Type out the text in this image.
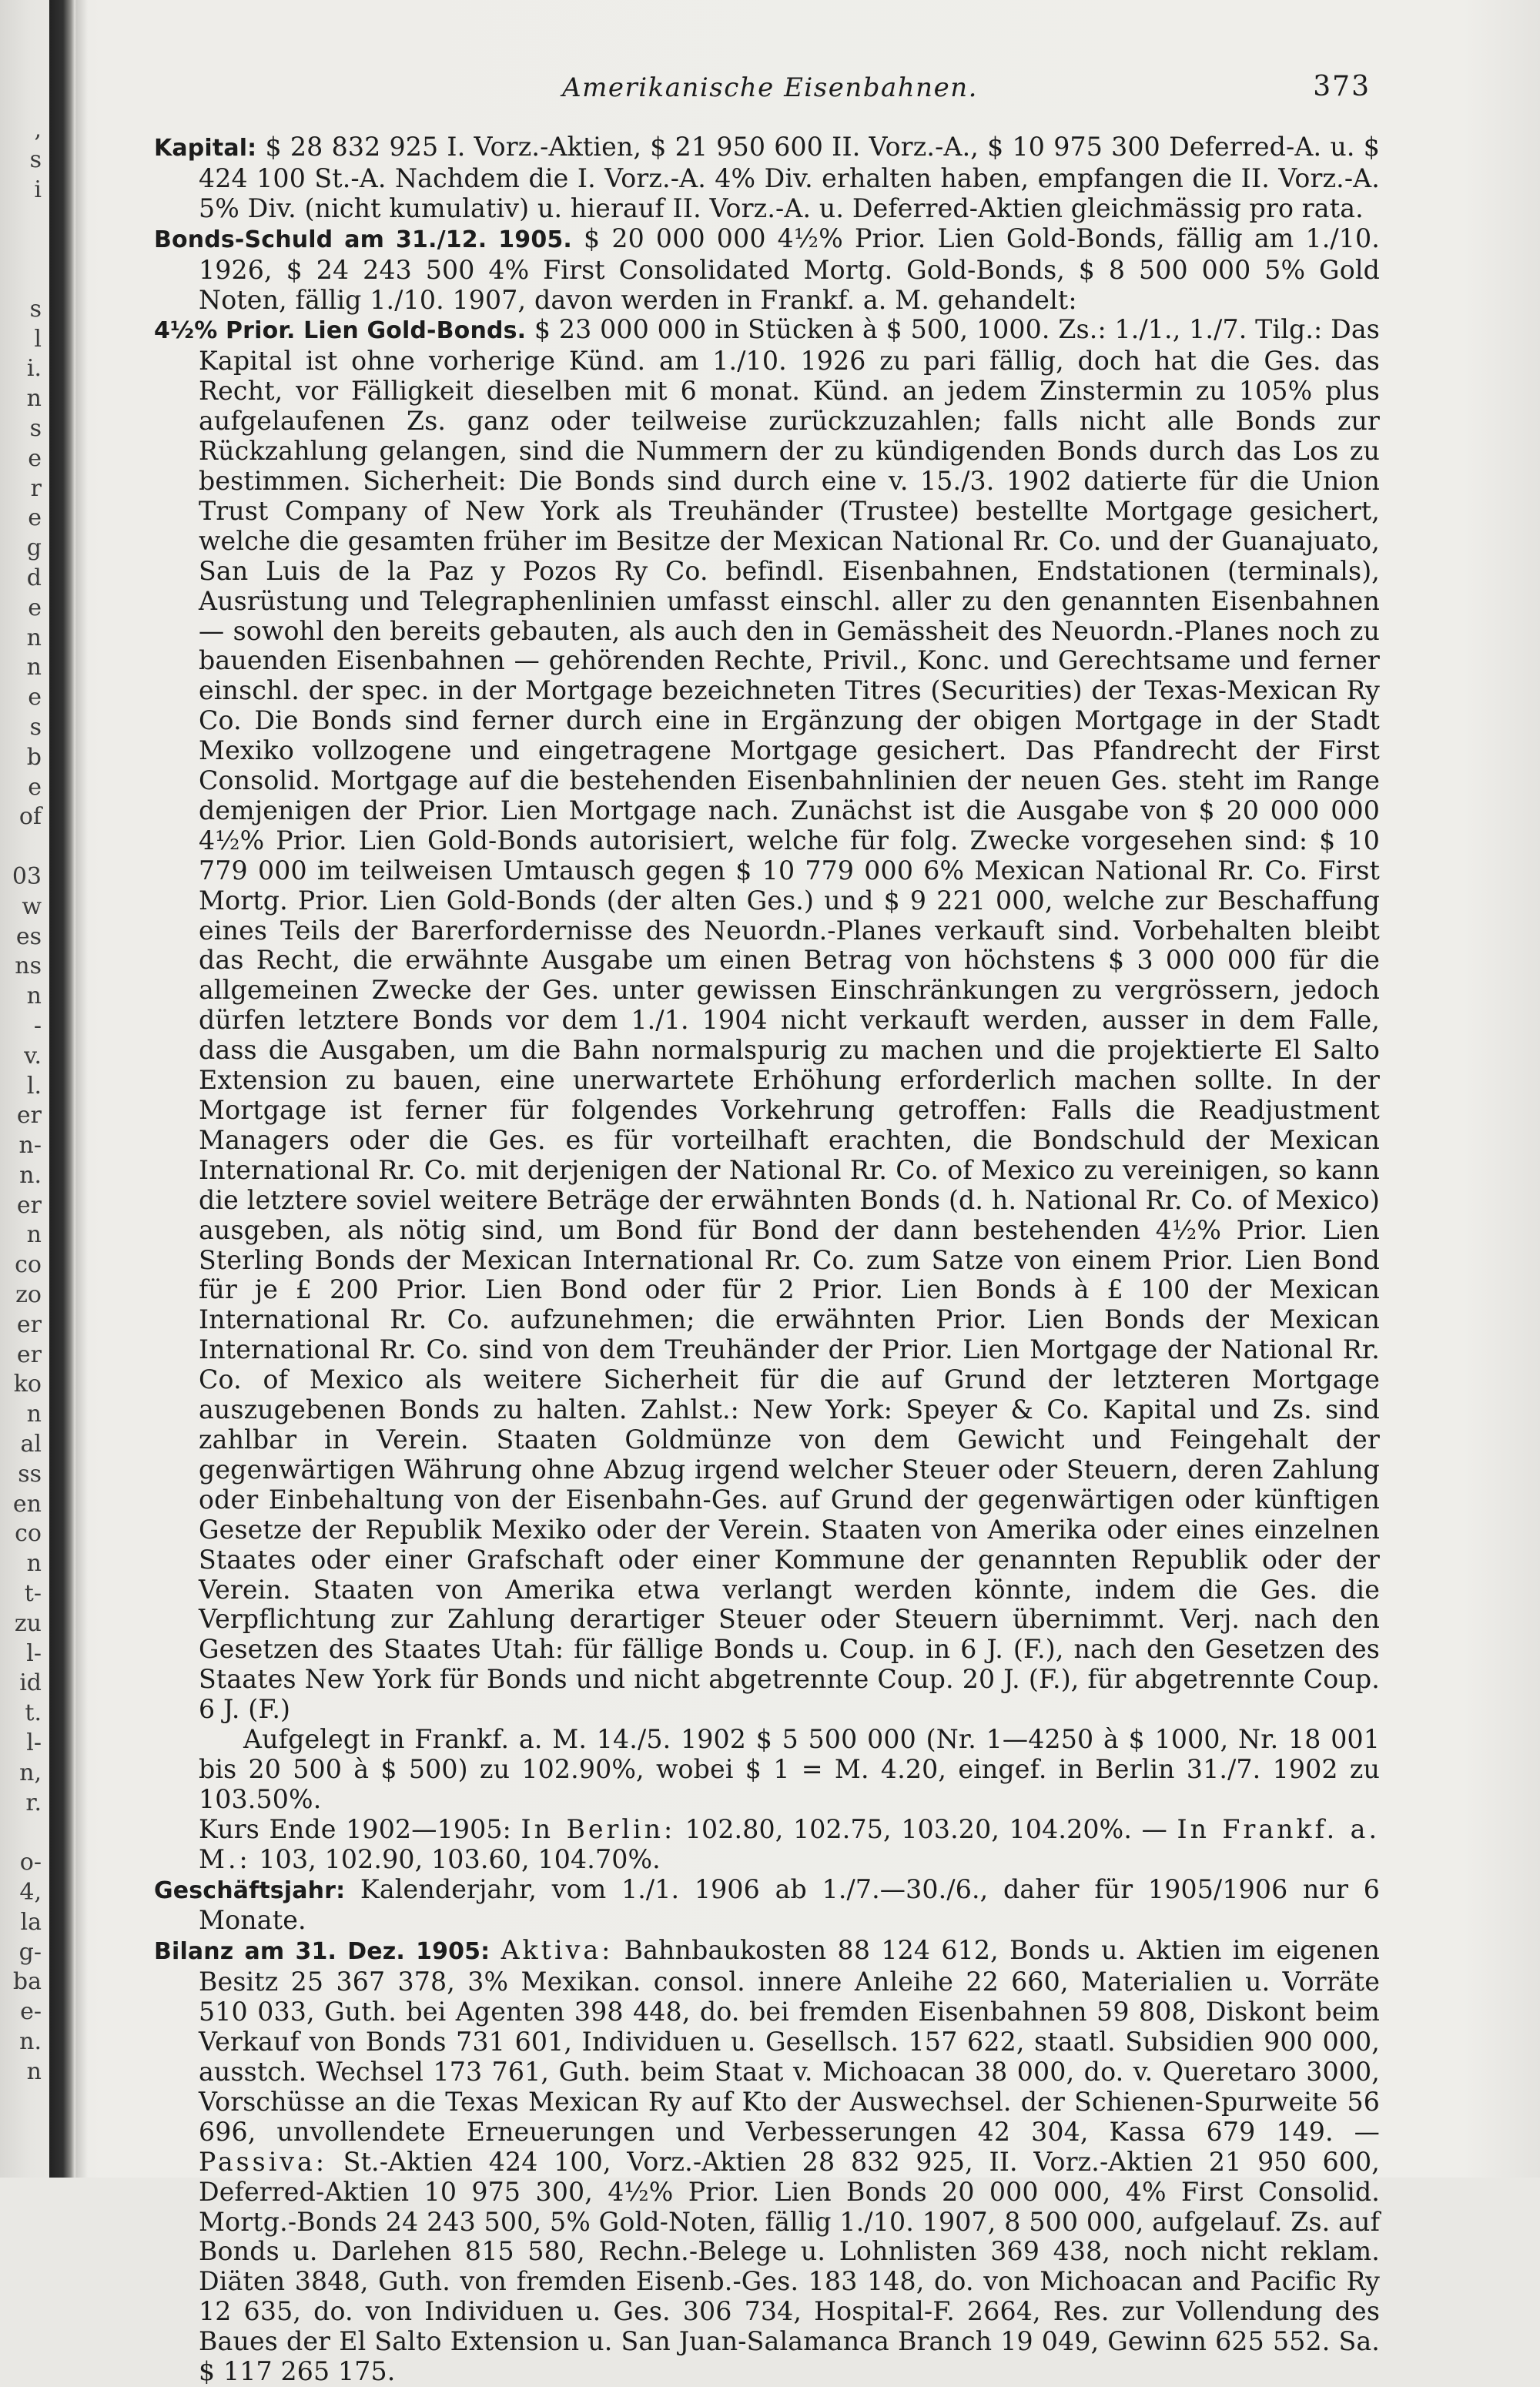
,
s
i
s
l
i.
n
s
e
r
e
g
d
e
n
n
e
s
b
e
of
03
w
es
ns
n
-
v.
l.
er
n-
n.
er
n
co
zo
er
er
ko
n
al
ss
en
co
n
t-
zu
l-
id
t.
l-
n,
r.
o-
4,
la
g-
ba
e-
n.
n
Amerikanische Eisenbahnen.	373

Kapital: $ 28 832 925 I. Vorz.-Aktien, $ 21 950 600 II. Vorz.-A., $ 10 975 300 Deferred-A. u. $ 424 100 St.-A. Nachdem die I. Vorz.-A. 4% Div. erhalten haben, empfangen die II. Vorz.-A. 5% Div. (nicht kumulativ) u. hierauf II. Vorz.-A. u. Deferred-Aktien gleichmässig pro rata.

Bonds-Schuld am 31./12. 1905. $ 20 000 000 4½% Prior. Lien Gold-Bonds, fällig am 1./10. 1926, $ 24 243 500 4% First Consolidated Mortg. Gold-Bonds, $ 8 500 000 5% Gold Noten, fällig 1./10. 1907, davon werden in Frankf. a. M. gehandelt:

4½% Prior. Lien Gold-Bonds. $ 23 000 000 in Stücken à $ 500, 1000. Zs.: 1./1., 1./7. Tilg.: Das Kapital ist ohne vorherige Künd. am 1./10. 1926 zu pari fällig, doch hat die Ges. das Recht, vor Fälligkeit dieselben mit 6 monat. Künd. an jedem Zinstermin zu 105% plus aufgelaufenen Zs. ganz oder teilweise zurückzuzahlen; falls nicht alle Bonds zur Rückzahlung gelangen, sind die Nummern der zu kündigenden Bonds durch das Los zu bestimmen. Sicherheit: Die Bonds sind durch eine v. 15./3. 1902 datierte für die Union Trust Company of New York als Treuhänder (Trustee) bestellte Mortgage gesichert, welche die gesamten früher im Besitze der Mexican National Rr. Co. und der Guanajuato, San Luis de la Paz y Pozos Ry Co. befindl. Eisenbahnen, Endstationen (terminals), Ausrüstung und Telegraphenlinien umfasst einschl. aller zu den genannten Eisenbahnen — sowohl den bereits gebauten, als auch den in Gemässheit des Neuordn.-Planes noch zu bauenden Eisenbahnen — gehörenden Rechte, Privil., Konc. und Gerechtsame und ferner einschl. der spec. in der Mortgage bezeichneten Titres (Securities) der Texas-Mexican Ry Co. Die Bonds sind ferner durch eine in Ergänzung der obigen Mortgage in der Stadt Mexiko vollzogene und eingetragene Mortgage gesichert. Das Pfandrecht der First Consolid. Mortgage auf die bestehenden Eisenbahnlinien der neuen Ges. steht im Range demjenigen der Prior. Lien Mortgage nach. Zunächst ist die Ausgabe von $ 20 000 000 4½% Prior. Lien Gold-Bonds autorisiert, welche für folg. Zwecke vorgesehen sind: $ 10 779 000 im teilweisen Umtausch gegen $ 10 779 000 6% Mexican National Rr. Co. First Mortg. Prior. Lien Gold-Bonds (der alten Ges.) und $ 9 221 000, welche zur Beschaffung eines Teils der Barerfordernisse des Neuordn.-Planes verkauft sind. Vorbehalten bleibt das Recht, die erwähnte Ausgabe um einen Betrag von höchstens $ 3 000 000 für die allgemeinen Zwecke der Ges. unter gewissen Einschränkungen zu vergrössern, jedoch dürfen letztere Bonds vor dem 1./1. 1904 nicht verkauft werden, ausser in dem Falle, dass die Ausgaben, um die Bahn normalspurig zu machen und die projektierte El Salto Extension zu bauen, eine unerwartete Erhöhung erforderlich machen sollte. In der Mortgage ist ferner für folgendes Vorkehrung getroffen: Falls die Readjustment Managers oder die Ges. es für vorteilhaft erachten, die Bondschuld der Mexican International Rr. Co. mit derjenigen der National Rr. Co. of Mexico zu vereinigen, so kann die letztere soviel weitere Beträge der erwähnten Bonds (d. h. National Rr. Co. of Mexico) ausgeben, als nötig sind, um Bond für Bond der dann bestehenden 4½% Prior. Lien Sterling Bonds der Mexican International Rr. Co. zum Satze von einem Prior. Lien Bond für je £ 200 Prior. Lien Bond oder für 2 Prior. Lien Bonds à £ 100 der Mexican International Rr. Co. aufzunehmen; die erwähnten Prior. Lien Bonds der Mexican International Rr. Co. sind von dem Treuhänder der Prior. Lien Mortgage der National Rr. Co. of Mexico als weitere Sicherheit für die auf Grund der letzteren Mortgage auszugebenen Bonds zu halten. Zahlst.: New York: Speyer & Co. Kapital und Zs. sind zahlbar in Verein. Staaten Goldmünze von dem Gewicht und Feingehalt der gegenwärtigen Währung ohne Abzug irgend welcher Steuer oder Steuern, deren Zahlung oder Einbehaltung von der Eisenbahn-Ges. auf Grund der gegenwärtigen oder künftigen Gesetze der Republik Mexiko oder der Verein. Staaten von Amerika oder eines einzelnen Staates oder einer Grafschaft oder einer Kommune der genannten Republik oder der Verein. Staaten von Amerika etwa verlangt werden könnte, indem die Ges. die Verpflichtung zur Zahlung derartiger Steuer oder Steuern übernimmt. Verj. nach den Gesetzen des Staates Utah: für fällige Bonds u. Coup. in 6 J. (F.), nach den Gesetzen des Staates New York für Bonds und nicht abgetrennte Coup. 20 J. (F.), für abgetrennte Coup. 6 J. (F.)

Aufgelegt in Frankf. a. M. 14./5. 1902 $ 5 500 000 (Nr. 1—4250 à $ 1000, Nr. 18 001 bis 20 500 à $ 500) zu 102.90%, wobei $ 1 = M. 4.20, eingef. in Berlin 31./7. 1902 zu 103.50%.

Kurs Ende 1902—1905: In Berlin: 102.80, 102.75, 103.20, 104.20%. — In Frankf. a. M.: 103, 102.90, 103.60, 104.70%.

Geschäftsjahr: Kalenderjahr, vom 1./1. 1906 ab 1./7.—30./6., daher für 1905/1906 nur 6 Monate.

Bilanz am 31. Dez. 1905: Aktiva: Bahnbaukosten 88 124 612, Bonds u. Aktien im eigenen Besitz 25 367 378, 3% Mexikan. consol. innere Anleihe 22 660, Materialien u. Vorräte 510 033, Guth. bei Agenten 398 448, do. bei fremden Eisenbahnen 59 808, Diskont beim Verkauf von Bonds 731 601, Individuen u. Gesellsch. 157 622, staatl. Subsidien 900 000, ausstch. Wechsel 173 761, Guth. beim Staat v. Michoacan 38 000, do. v. Queretaro 3000, Vorschüsse an die Texas Mexican Ry auf Kto der Auswechsel. der Schienen-Spurweite 56 696, unvollendete Erneuerungen und Verbesserungen 42 304, Kassa 679 149. — Passiva: St.-Aktien 424 100, Vorz.-Aktien 28 832 925, II. Vorz.-Aktien 21 950 600, Deferred-Aktien 10 975 300, 4½% Prior. Lien Bonds 20 000 000, 4% First Consolid. Mortg.-Bonds 24 243 500, 5% Gold-Noten, fällig 1./10. 1907, 8 500 000, aufgelauf. Zs. auf Bonds u. Darlehen 815 580, Rechn.-Belege u. Lohnlisten 369 438, noch nicht reklam. Diäten 3848, Guth. von fremden Eisenb.-Ges. 183 148, do. von Michoacan and Pacific Ry 12 635, do. von Individuen u. Ges. 306 734, Hospital-F. 2664, Res. zur Vollendung des Baues der El Salto Extension u. San Juan-Salamanca Branch 19 049, Gewinn 625 552. Sa. $ 117 265 175.
